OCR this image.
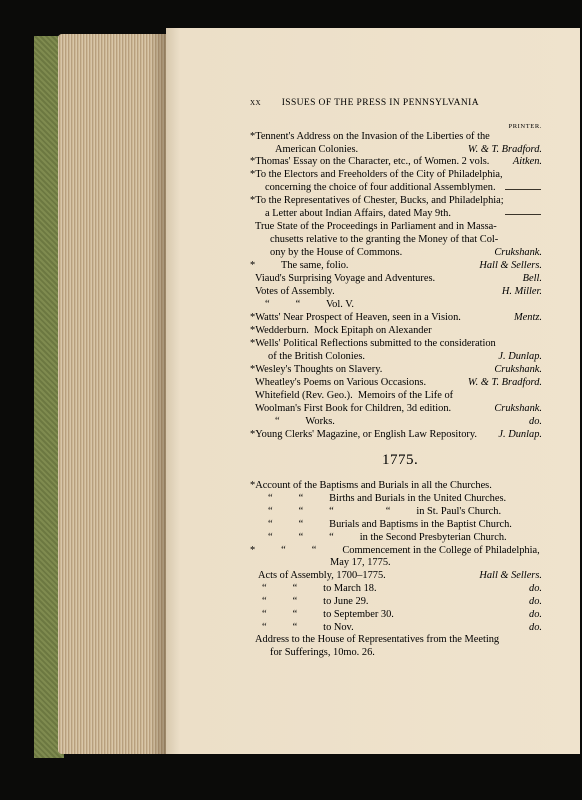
xx ISSUES OF THE PRESS IN PENNSYLVANIA
PRINTER.
*Tennent's Address on the Invasion of the Liberties of the
American Colonies.	W. & T. Bradford.
*Thomas' Essay on the Character, etc., of Women. 2 vols. Aitken.
*To the Electors and Freeholders of the City of Philadelphia,
concerning the choice of four additional Assemblymen.
*To the Representatives of Chester, Bucks, and Philadelphia;
a Letter about Indian Affairs, dated May 9th.
True State of the Proceedings in Parliament and in Massa-
chusetts relative to the granting the Money of that Col-
ony by the House of Commons.	Crukshank.
*          The same, folio.	Hall & Sellers.
Viaud's Surprising Voyage and Adventures.	Bell.
Votes of Assembly.	H. Miller.
“          “          Vol. V.
*Watts' Near Prospect of Heaven, seen in a Vision.	Mentz.
*Wedderburn.  Mock Epitaph on Alexander
*Wells' Political Reflections submitted to the consideration
of the British Colonies.	J. Dunlap.
*Wesley's Thoughts on Slavery.	Crukshank.
Wheatley's Poems on Various Occasions.	W. & T. Bradford.
Whitefield (Rev. Geo.).  Memoirs of the Life of
Woolman's First Book for Children, 3d edition.	Crukshank.
“          Works.	do.
*Young Clerks' Magazine, or English Law Repository. J. Dunlap.
1775.
*Account of the Baptisms and Burials in all the Churches.
“          “          Births and Burials in the United Churches.
“          “          “                    “          in St. Paul's Church.
“          “          Burials and Baptisms in the Baptist Church.
“          “          “          in the Second Presbyterian Church.
*          “          “          Commencement in the College of Philadelphia,
May 17, 1775.
Acts of Assembly, 1700–1775.	Hall & Sellers.
“          “          to March 18.	do.
“          “          to June 29.	do.
“          “          to September 30.	do.
“          “          to Nov.	do.
Address to the House of Representatives from the Meeting
for Sufferings, 10mo. 26.
